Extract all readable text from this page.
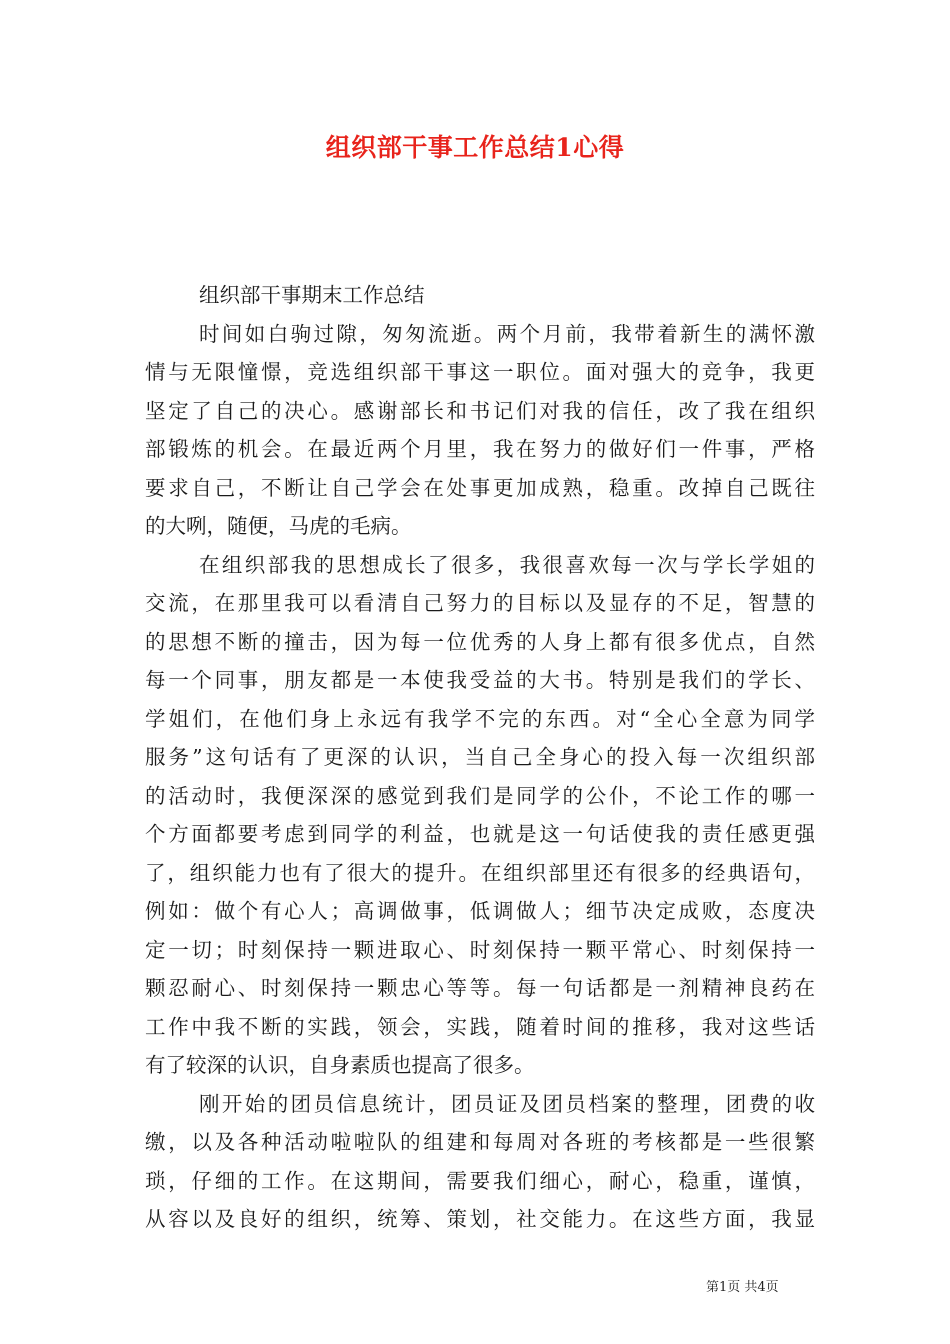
组织部干事工作总结1心得
组织部干事期末工作总结
时间如白驹过隙，匆匆流逝。两个月前，我带着新生的满怀激
情与无限憧憬，竞选组织部干事这一职位。面对强大的竞争，我更
坚定了自己的决心。感谢部长和书记们对我的信任，改了我在组织
部锻炼的机会。在最近两个月里，我在努力的做好们一件事，严格
要求自己，不断让自己学会在处事更加成熟，稳重。改掉自己既往
的大咧，随便，马虎的毛病。
在组织部我的思想成长了很多，我很喜欢每一次与学长学姐的
交流，在那里我可以看清自己努力的目标以及显存的不足，智慧的
的思想不断的撞击，因为每一位优秀的人身上都有很多优点，自然
每一个同事，朋友都是一本使我受益的大书。特别是我们的学长、
学姐们，在他们身上永远有我学不完的东西。对“全心全意为同学
服务”这句话有了更深的认识，当自己全身心的投入每一次组织部
的活动时，我便深深的感觉到我们是同学的公仆，不论工作的哪一
个方面都要考虑到同学的利益，也就是这一句话使我的责任感更强
了，组织能力也有了很大的提升。在组织部里还有很多的经典语句，
例如：做个有心人；高调做事，低调做人；细节决定成败，态度决
定一切；时刻保持一颗进取心、时刻保持一颗平常心、时刻保持一
颗忍耐心、时刻保持一颗忠心等等。每一句话都是一剂精神良药在
工作中我不断的实践，领会，实践，随着时间的推移，我对这些话
有了较深的认识，自身素质也提高了很多。
刚开始的团员信息统计，团员证及团员档案的整理，团费的收
缴，以及各种活动啦啦队的组建和每周对各班的考核都是一些很繁
琐，仔细的工作。在这期间，需要我们细心，耐心，稳重，谨慎，
从容以及良好的组织，统筹、策划，社交能力。在这些方面，我显
第1页 共4页
